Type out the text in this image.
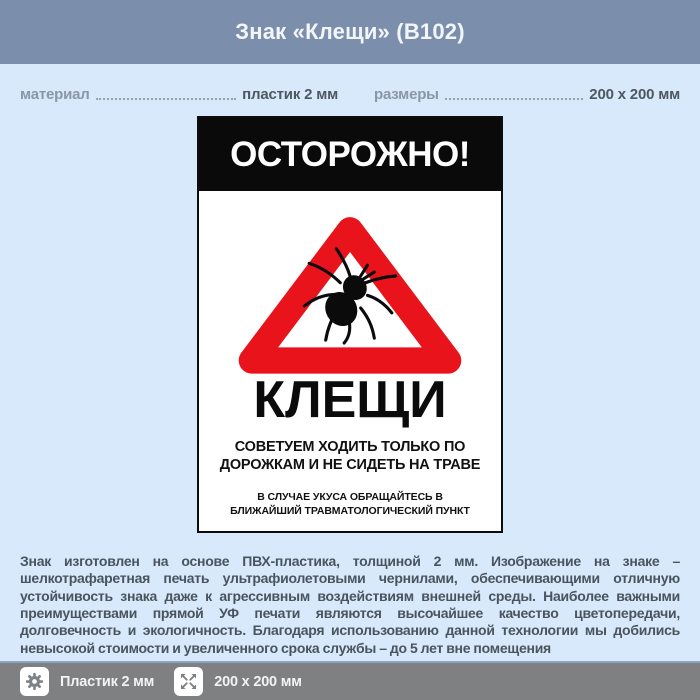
Знак «Клещи» (В102)
материал	пластик 2 мм размеры	200 x 200 мм
ОСТОРОЖНО!
КЛЕЩИ
СОВЕТУЕМ ХОДИТЬ ТОЛЬКО ПО
ДОРОЖКАМ И НЕ СИДЕТЬ НА ТРАВЕ
В СЛУЧАЕ УКУСА ОБРАЩАЙТЕСЬ В
БЛИЖАЙШИЙ ТРАВМАТОЛОГИЧЕСКИЙ ПУНКТ

Знак изготовлен на основе ПВХ-пластика, толщиной 2 мм. Изображение на знаке – шелкотрафаретная печать ультрафиолетовыми чернилами, обеспечивающими отличную устойчивость знака даже к агрессивным воздействиям внешней среды. Наиболее важными преимуществами прямой УФ печати являются высочайшее качество цветопередачи, долговечность и экологичность. Благодаря использованию данной технологии мы добились невысокой стоимости и увеличенного срока службы – до 5 лет вне помещения

Пластик 2 мм	200 x 200 мм
